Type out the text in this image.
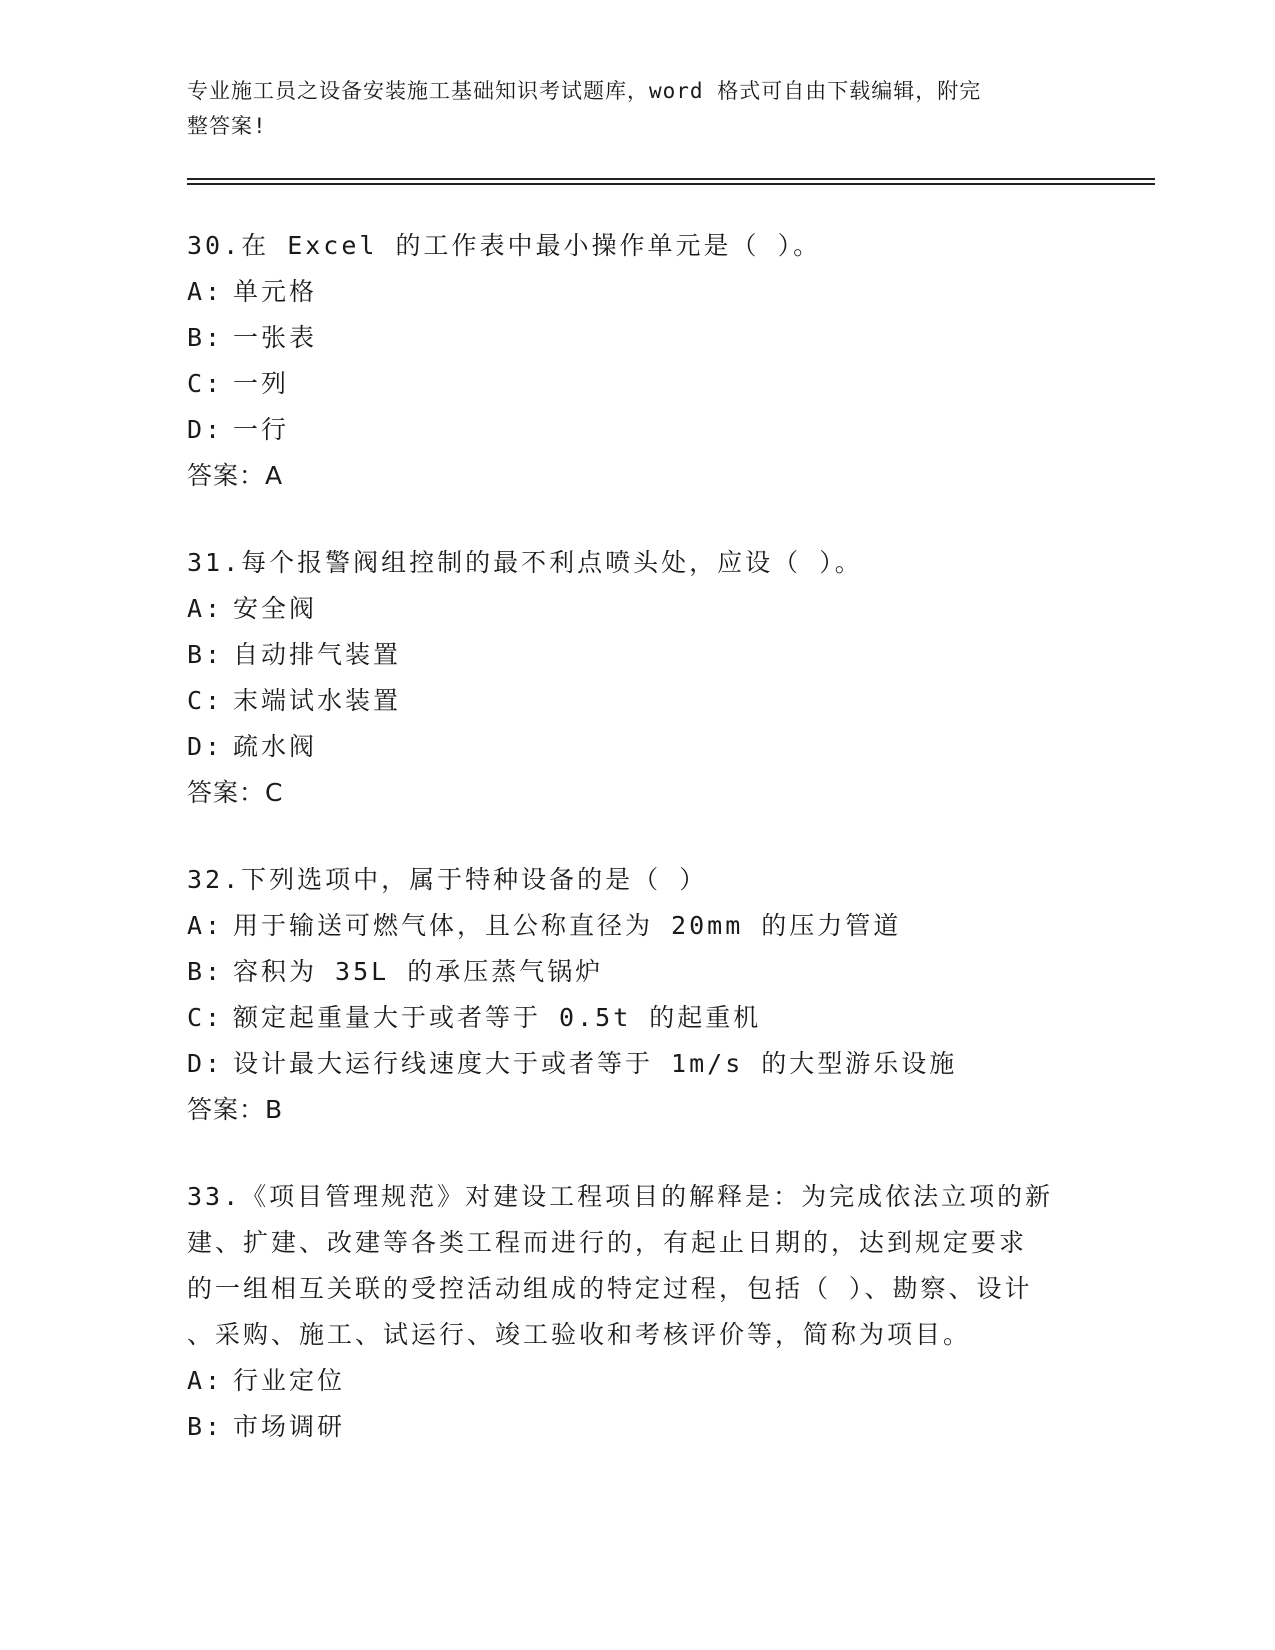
专业施工员之设备安装施工基础知识考试题库，word 格式可自由下载编辑，附完
整答案!
30.在 Excel 的工作表中最小操作单元是（ ）。
A: 单元格
B: 一张表
C: 一列
D: 一行
答案：A
31.每个报警阀组控制的最不利点喷头处，应设（ ）。
A: 安全阀
B: 自动排气装置
C: 末端试水装置
D: 疏水阀
答案：C
32.下列选项中，属于特种设备的是（ ）
A: 用于输送可燃气体，且公称直径为 20mm 的压力管道
B: 容积为 35L 的承压蒸气锅炉
C: 额定起重量大于或者等于 0.5t 的起重机
D: 设计最大运行线速度大于或者等于 1m/s 的大型游乐设施
答案：B
33.《项目管理规范》对建设工程项目的解释是：为完成依法立项的新
建、扩建、改建等各类工程而进行的，有起止日期的，达到规定要求
的一组相互关联的受控活动组成的特定过程，包括（ ）、勘察、设计
、采购、施工、试运行、竣工验收和考核评价等，简称为项目。
A: 行业定位
B: 市场调研
